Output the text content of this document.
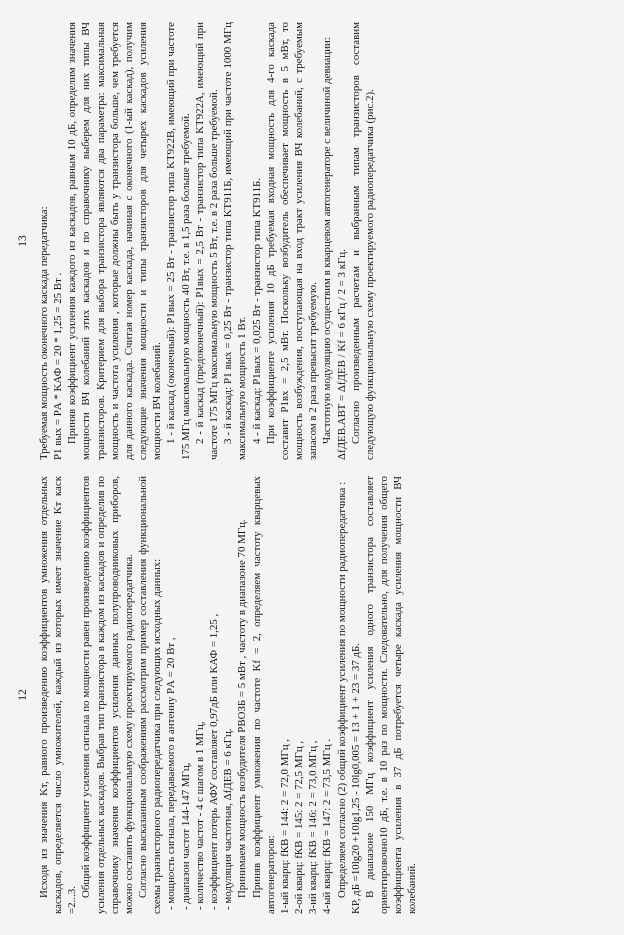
12 Исходя из значения Kт, равного произведению коэффициентов умножения отдельных каскадов, определяется число умножителей, каждый из которых имеет значение Kт каск =2...3.

Общий коэффициент усиления сигнала по мощности равен произведению коэффициентов усиления отдельных каскадов. Выбрав тип транзистора в каждом из каскадов и определив по справочнику значения коэффициентов усиления данных полупроводниковых приборов, можно составить функциональную схему проектируемого радиопередатчика. Согласно высказанным соображениям рассмотрим пример составления функциональной схемы транзисторного радиопередатчика при следующих исходных данных: - мощность сигнала, передаваемого в антенну PА = 20 Вт , - диапазон частот 144-147 МГц, - количество частот - 4 с шагом в 1 МГц, - коэффициент потерь АФУ составляет 0,97дБ или KАФ = 1,25 , - модуляция частотная, ΔfДЕВ = 6 кГц. Принимаем мощность возбудителя PВОЗБ = 5 мВт , частоту в диапазоне 70 МГц. Приняв коэффициент умножения по частоте Kf = 2, определяем частоту кварцевых автогенераторов: 1-ый кварц: fКВ = 144: 2 = 72,0 МГц , 2-ой кварц: fКВ = 145: 2 = 72,5 МГц , 3-ий кварц: fКВ = 146: 2 = 73,0 МГц , 4-ый кварц: fКВ = 147: 2 = 73,5 МГц . Определяем согласно (2) общий коэффициент усиления по мощности радиопередатчика : KP, дБ =10lg20 +10lg1,25 - 10lg0,005 = 13 + 1 + 23 = 37 дБ. В диапазоне 150 МГц коэффициент усиления одного транзистора составляет ориентировочно10 дБ, т.е. в 10 раз по мощности. Следовательно, для получения общего коэффициента усиления в 37 дБ потребуется четыре каскада усиления мощности ВЧ колебаний.

13 Требуемая мощность оконечного каскада передатчика: P1 вых = PА * KАФ = 20 * 1,25 = 25 Вт . Приняв коэффициент усиления каждого из каскадов, равным 10 дБ, определим значения мощности ВЧ колебаний этих каскадов и по справочнику выберем для них типы ВЧ транзисторов. Критерием для выбора транзистора являются два параметра: максимальная мощность и частота усиления , которые должны быть у транзистора больше, чем требуется для данного каскада. Считая номер каскада, начиная с оконечного (1-ый каскад), получим следующие значения мощности и типы транзисторов для четырех каскадов усиления мощности ВЧ колебаний. 1 - й каскад (оконечный): P1вых = 25 Вт - транзистор типа KT922В, имеющий при частоте 175 МГц максимальную мощность 40 Вт, т.е. в 1,5 раза больше требуемой. 2 - й каскад (предоконечный): P1вых = 2,5 Вт - транзистор типа KT922А, имеющий при частоте 175 МГц максимальную мощность 5 Вт, т.е. в 2 раза больше требуемой. 3 - й каскад: P1 вых = 0,25 Вт - транзистор типа KT911Б, имеющий при частоте 1000 МГц максимальную мощность 1 Вт. 4 - й каскад: P1вых = 0,025 Вт - транзистор типа KT911Б. При коэффициенте усиления 10 дБ требуемая входная мощность для 4-го каскада составит P1вх = 2,5 мВт. Поскольку возбудитель обеспечивает мощность в 5 мВт, то мощность возбуждения, поступающая на вход тракт усиления ВЧ колебаний, с требуемым запасом в 2 раза превысит требуемую. Частотную модуляцию осуществим в кварцевом автогенераторе с величиной девиации: ΔfДЕВ.АВТ = ΔfДЕВ / Kf = 6 кГц / 2 = 3 кГц. Согласно произведенным расчетам и выбранным типам транзисторов составим следующую функциональную схему проектируемого радиопередатчика (рис.2).
